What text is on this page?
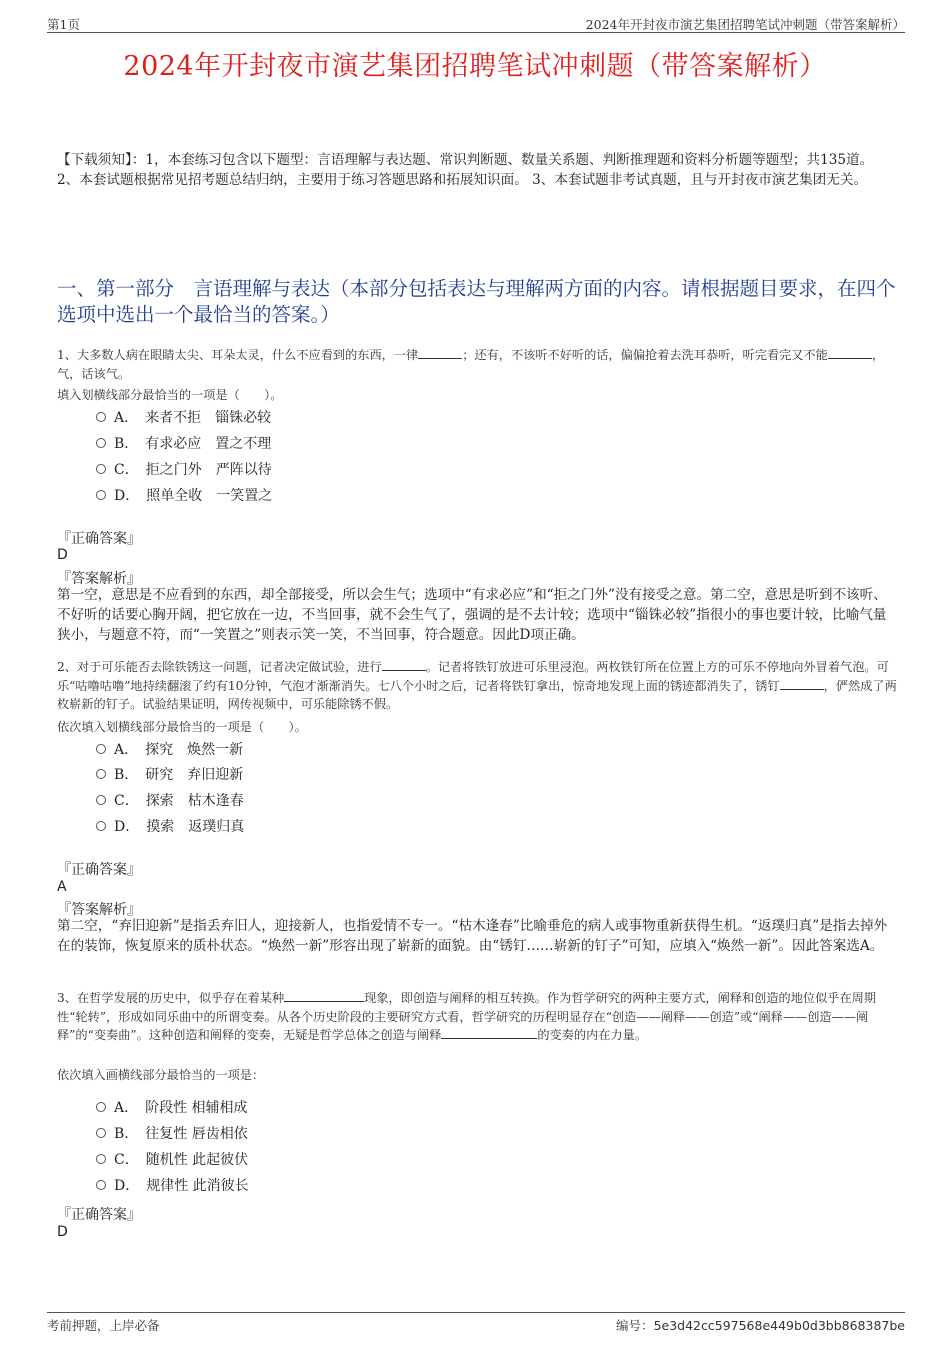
第1页	2024年开封夜市演艺集团招聘笔试冲刺题（带答案解析）
2024年开封夜市演艺集团招聘笔试冲刺题（带答案解析）
【下载须知】：1，本套练习包含以下题型：言语理解与表达题、常识判断题、数量关系题、判断推理题和资料分析题等题型；共135道。 2、本套试题根据常见招考题总结归纳，主要用于练习答题思路和拓展知识面。 3、本套试题非考试真题，且与开封夜市演艺集团无关。
一、第一部分　言语理解与表达（本部分包括表达与理解两方面的内容。请根据题目要求，在四个选项中选出一个最恰当的答案。）
1、大多数人病在眼睛太尖、耳朵太灵，什么不应看到的东西，一律	；还有，不该听不好听的话，偏偏抢着去洗耳恭听，听完看完又不能	，气，话该气。
填入划横线部分最恰当的一项是（　　）。
A．　来者不拒　锱铢必较
B．　有求必应　置之不理
C．　拒之门外　严阵以待
D．　照单全收　一笑置之
『正确答案』
D
『答案解析』
第一空，意思是不应看到的东西，却全部接受，所以会生气；选项中“有求必应”和“拒之门外”没有接受之意。第二空，意思是听到不该听、不好听的话要心胸开阔，把它放在一边，不当回事，就不会生气了，强调的是不去计较；选项中“锱铢必较”指很小的事也要计较，比喻气量狭小，与题意不符，而“一笑置之”则表示笑一笑，不当回事，符合题意。因此D项正确。
2、对于可乐能否去除铁锈这一问题，记者决定做试验，进行	。记者将铁钉放进可乐里浸泡。两枚铁钉所在位置上方的可乐不停地向外冒着气泡。可乐“咕噜咕噜”地持续翻滚了约有10分钟，气泡才渐渐消失。七八个小时之后，记者将铁钉拿出，惊奇地发现上面的锈迹都消失了，锈钉	，俨然成了两枚崭新的钉子。试验结果证明，网传视频中，可乐能除锈不假。
依次填入划横线部分最恰当的一项是（　　）。
A．　探究　焕然一新
B．　研究　弃旧迎新
C．　探索　枯木逢春
D．　摸索　返璞归真
『正确答案』
A
『答案解析』
第二空，“弃旧迎新”是指丢弃旧人，迎接新人，也指爱情不专一。“枯木逢春”比喻垂危的病人或事物重新获得生机。“返璞归真”是指去掉外在的装饰，恢复原来的质朴状态。“焕然一新”形容出现了崭新的面貌。由“锈钉……崭新的钉子”可知，应填入“焕然一新”。因此答案选A。
3、在哲学发展的历史中，似乎存在着某种	现象，即创造与阐释的相互转换。作为哲学研究的两种主要方式，阐释和创造的地位似乎在周期性“轮转”，形成如同乐曲中的所谓变奏。从各个历史阶段的主要研究方式看，哲学研究的历程明显存在“创造——阐释——创造”或“阐释——创造——阐释”的“变奏曲”。这种创造和阐释的变奏，无疑是哲学总体之创造与阐释	的变奏的内在力量。
依次填入画横线部分最恰当的一项是：
A．　阶段性 相辅相成
B．　往复性 唇齿相依
C．　随机性 此起彼伏
D．　规律性 此消彼长
『正确答案』
D
考前押题，上岸必备	编号：5e3d42cc597568e449b0d3bb868387be
